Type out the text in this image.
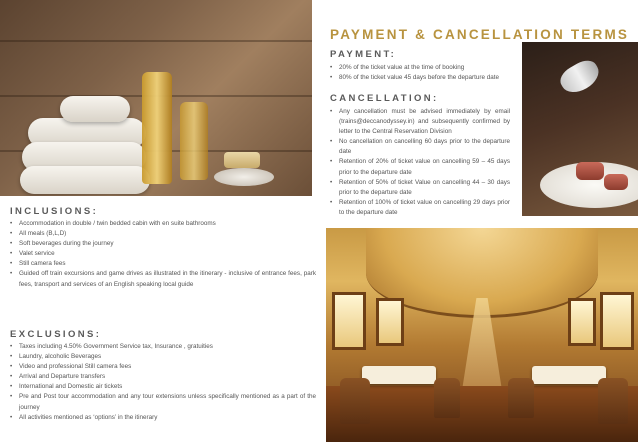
PAYMENT & CANCELLATION TERMS
PAYMENT:
• 20% of the ticket value at the time of booking
• 80% of the ticket value 45 days before the departure date
CANCELLATION:
• Any cancellation must be advised immediately by email (trains@deccanodyssey.in) and subsequently confirmed by letter to the Central Reservation Division
• No cancellation on cancelling 60 days prior to the departure date
• Retention of 20% of ticket value on cancelling 59 – 45 days prior to the departure date
• Retention of 50% of ticket Value on cancelling 44 – 30 days prior to the departure date
• Retention of 100% of ticket value on cancelling 29 days prior to the departure date
INCLUSIONS:
• Accommodation in double / twin bedded cabin with en suite bathrooms
• All meals (B,L,D)
• Soft beverages during the journey
• Valet service
• Still camera fees
• Guided off train excursions and game drives as illustrated in the itinerary - inclusive of entrance fees, park fees, transport and services of an English speaking local guide
EXCLUSIONS:
• Taxes including 4.50% Government Service tax, Insurance , gratuities
• Laundry, alcoholic Beverages
• Video and professional Still camera fees
• Arrival and Departure transfers
• International and Domestic air tickets
• Pre and Post tour accommodation and any tour extensions unless specifically mentioned as a part of the journey
• All activities mentioned as ‘options’ in the itinerary
